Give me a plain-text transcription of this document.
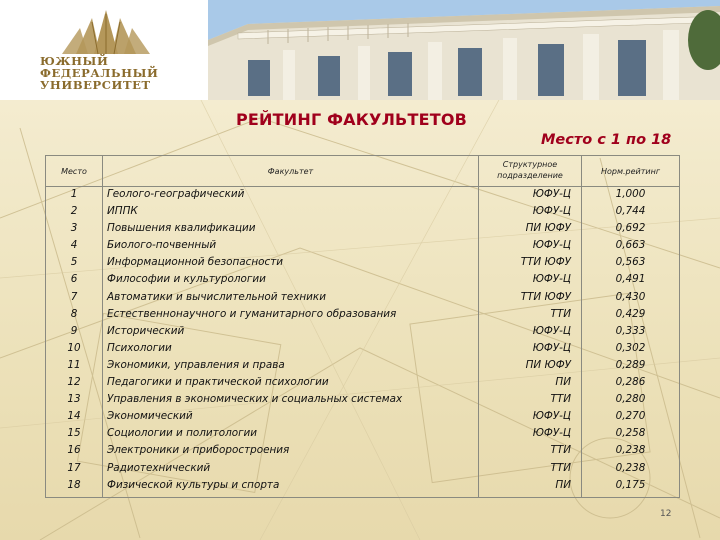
ЮЖНЫЙ
ФЕДЕРАЛЬНЫЙ
УНИВЕРСИТЕТ
РЕЙТИНГ ФАКУЛЬТЕТОВ
Место с 1 по 18
Место	Факультет
Структурное
подразделение	Норм.рейтинг
1
2
3
4
5
6
7
8
9
10
11
12
13
14
15
16
17
18
Геолого-географический
ИППК
Повышения квалификации
Биолого-почвенный
Информационной безопасности
Философии и культурологии
Автоматики и вычислительной техники
Естественнонаучного и гуманитарного образования
Исторический
Психологии
Экономики, управления и права
Педагогики и практической психологии
Управления в экономических и социальных системах
Экономический
Социологии и политологии
Электроники и приборостроения
Радиотехнический
Физической культуры и спорта
ЮФУ-Ц
ЮФУ-Ц
ПИ ЮФУ
ЮФУ-Ц
ТТИ ЮФУ
ЮФУ-Ц
ТТИ ЮФУ
ТТИ
ЮФУ-Ц
ЮФУ-Ц
ПИ ЮФУ
ПИ
ТТИ
ЮФУ-Ц
ЮФУ-Ц
ТТИ
ТТИ
ПИ
1,000
0,744
0,692
0,663
0,563
0,491
0,430
0,429
0,333
0,302
0,289
0,286
0,280
0,270
0,258
0,238
0,238
0,175
12
